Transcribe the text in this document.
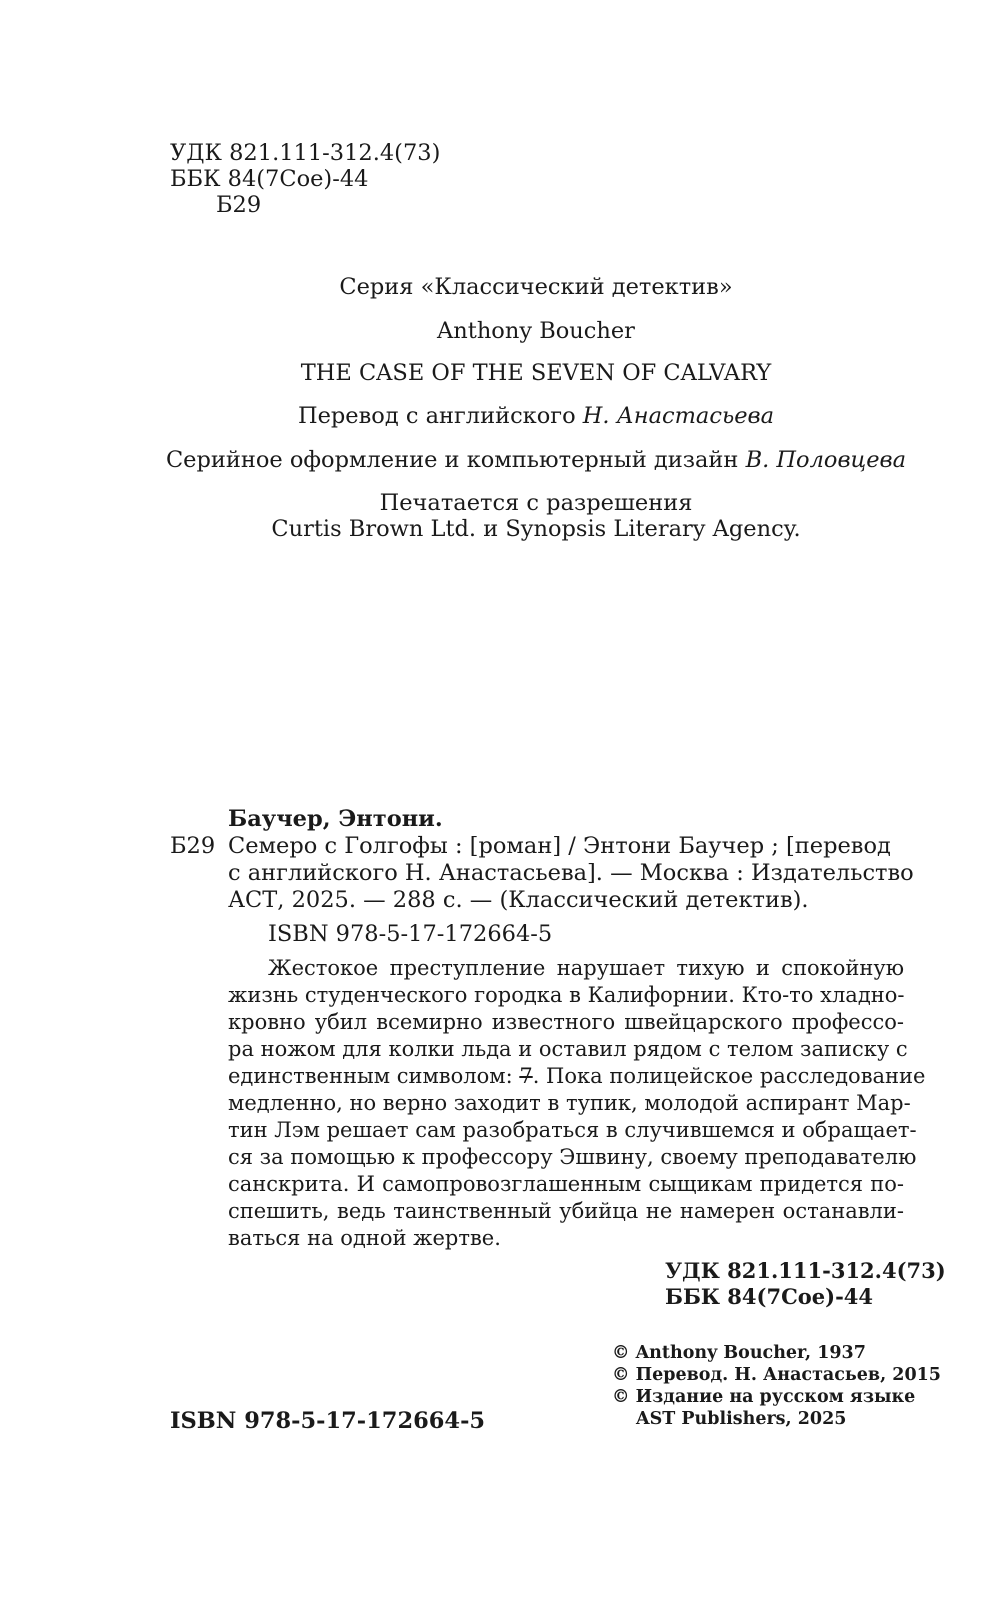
УДК 821.111-312.4(73)
ББК 84(7Сое)-44
Б29
Серия «Классический детектив»
Anthony Boucher
THE CASE OF THE SEVEN OF CALVARY
Перевод с английского Н. Анастасьева
Серийное оформление и компьютерный дизайн В. Половцева
Печатается с разрешения
Curtis Brown Ltd. и Synopsis Literary Agency.
Баучер, Энтони.
Б29 Семеро с Голгофы : [роман] / Энтони Баучер ; [перевод
с английского Н. Анастасьева]. — Москва : Издательство
АСТ, 2025. — 288 с. — (Классический детектив).
ISBN 978-5-17-172664-5
Жестокое преступление нарушает тихую и спокойную
жизнь студенческого городка в Калифорнии. Кто-то хладно-
кровно убил всемирно известного швейцарского профессо-
ра ножом для колки льда и оставил рядом с телом записку с
единственным символом: 7. Пока полицейское расследование
медленно, но верно заходит в тупик, молодой аспирант Мар-
тин Лэм решает сам разобраться в случившемся и обращает-
ся за помощью к профессору Эшвину, своему преподавателю
санскрита. И самопровозглашенным сыщикам придется по-
спешить, ведь таинственный убийца не намерен останавли-
ваться на одной жертве.
УДК 821.111-312.4(73)
ББК 84(7Сое)-44
ISBN 978-5-17-172664-5
© Anthony Boucher, 1937
© Перевод. Н. Анастасьев, 2015
© Издание на русском языке
AST Publishers, 2025
